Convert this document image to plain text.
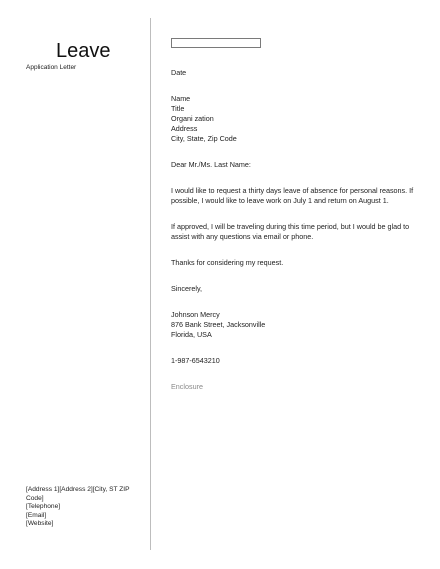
Leave
Application Letter
[Address 1][Address 2][City, ST ZIP Code]
[Telephone]
[Email]
[Website]
Date
Name
Title
Organi zation
Address
City, State, Zip Code
Dear Mr./Ms. Last Name:
I would like to request a thirty days leave of absence for personal reasons. If possible, I would like to leave work on July 1 and return on August 1.
If approved, I will be traveling during this time period, but I would be glad to assist with any questions via email or phone.
Thanks for considering my request.
Sincerely,
Johnson Mercy
876 Bank Street, Jacksonville
Florida, USA
1-987-6543210
Enclosure
